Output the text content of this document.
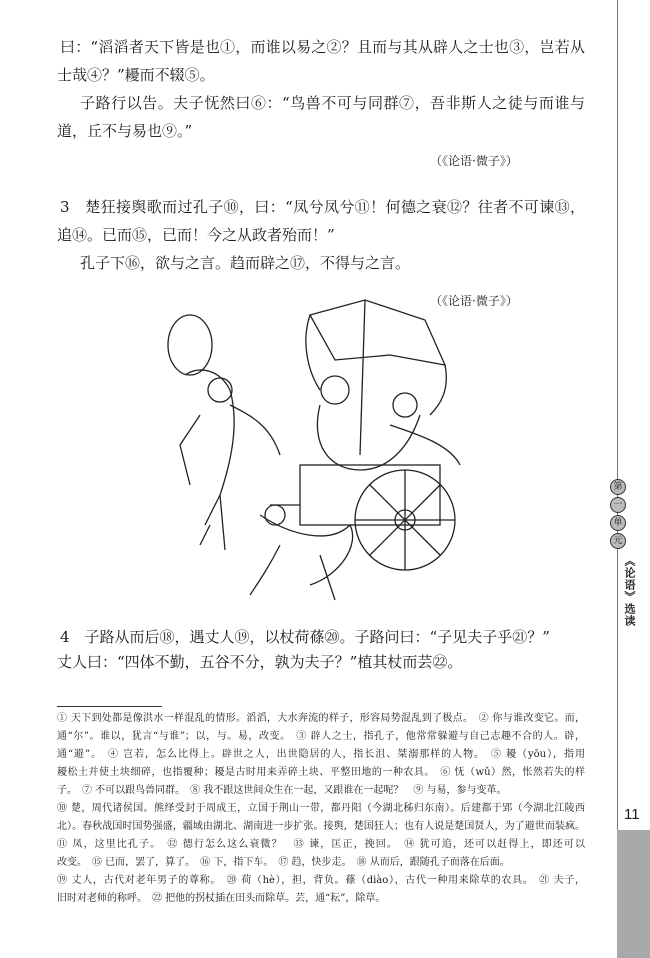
曰：“滔滔者天下皆是也①，而谁以易之②？且而与其从辟人之士也③，岂若从
士哉④？”耰而不辍⑤。
子路行以告。夫子怃然曰⑥：“鸟兽不可与同群⑦，吾非斯人之徒与而谁与
道，丘不与易也⑨。”
（《论语·微子》）
3　楚狂接舆歌而过孔子⑩，曰：“凤兮凤兮⑪！何德之衰⑫？往者不可谏⑬，
追⑭。已而⑮，已而！今之从政者殆而！”
孔子下⑯，欲与之言。趋而辟之⑰，不得与之言。
（《论语·微子》）
4　子路从而后⑱，遇丈人⑲，以杖荷蓧⑳。子路问曰：“子见夫子乎㉑？”
丈人曰：“四体不勤，五谷不分，孰为夫子？”植其杖而芸㉒。
① 天下到处都是像洪水一样混乱的情形。滔滔，大水奔流的样子，形容局势混乱到了极点。　② 你与谁改变它。而，
通“尔”。谁以，犹言“与谁”；以，与。易，改变。　③ 辟人之士，指孔子，他常常躲避与自己志趣不合的人。辟，
通“避”。　④ 岂若，怎么比得上。辟世之人，出世隐居的人，指长沮、桀溺那样的人物。　⑤ 耰（yōu），指用
耰松土并使土块细碎，也指覆种；耰是古时用来弄碎土块、平整田地的一种农具。　⑥ 怃（wǔ）然，怅然若失的样
子。　⑦ 不可以跟鸟兽同群。　⑧ 我不跟这世间众生在一起，又跟谁在一起呢？　⑨ 与易，参与变革。
⑩ 楚，周代诸侯国。熊绎受封于周成王，立国于荆山一带，都丹阳（今湖北秭归东南）。后建都于郢（今湖北江陵西
北）。春秋战国时国势强盛，疆域由湖北、湖南进一步扩张。接舆，楚国狂人；也有人说是楚国贤人，为了避世而装疯。
⑪ 凤，这里比孔子。　⑫ 德行怎么这么衰微？　⑬ 谏，匡正，挽回。　⑭ 犹可追，还可以赶得上，即还可以
改变。　⑮ 已而，罢了，算了。　⑯ 下，指下车。　⑰ 趋，快步走。　⑱ 从而后，跟随孔子而落在后面。
⑲ 丈人，古代对老年男子的尊称。　⑳ 荷（hè），担，背负。蓧（diào），古代一种用来除草的农具。　㉑ 夫子，
旧时对老师的称呼。　㉒ 把他的拐杖插在田头而除草。芸，通“耘”，除草。
第
一
单
元
《论语》选读
11
